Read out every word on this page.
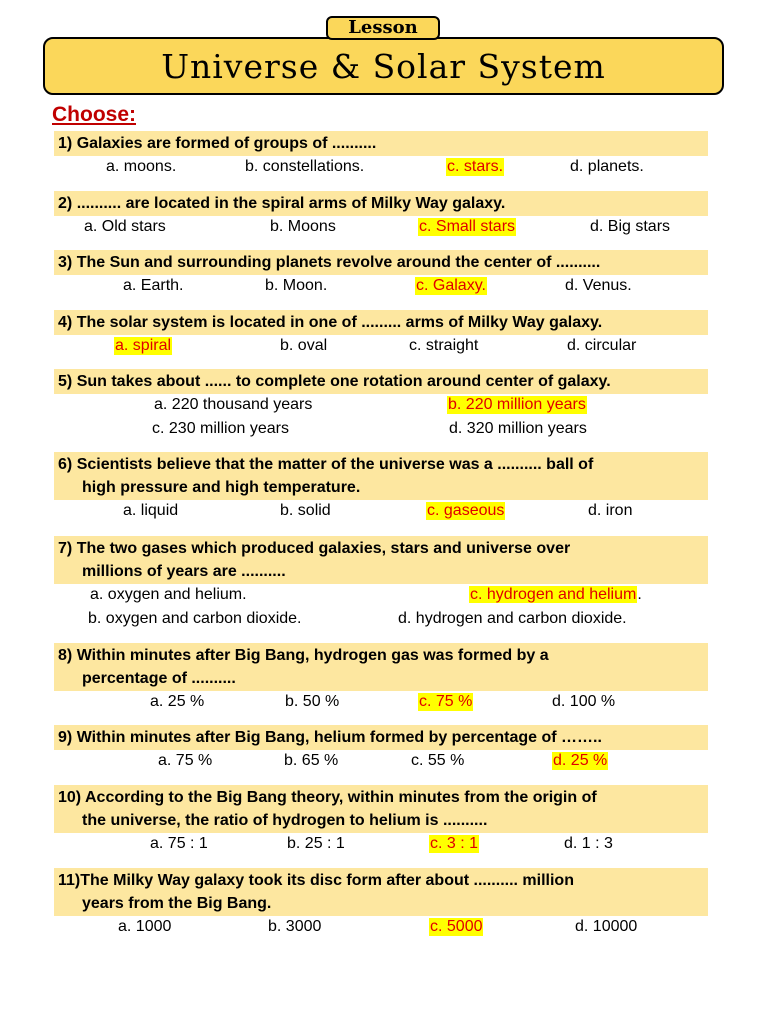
Lesson
Universe & Solar System
Choose:
1) Galaxies are formed of groups of ..........
a. moons.	b. constellations.	c. stars.	d. planets.
2) .......... are located in the spiral arms of Milky Way galaxy.
a. Old stars	b. Moons	c. Small stars	d. Big stars
3) The Sun and surrounding planets revolve around the center of ..........
a. Earth.	b. Moon.	c. Galaxy.	d. Venus.
4) The solar system is located in one of ......... arms of Milky Way galaxy.
a. spiral	b. oval	c. straight	d. circular
5) Sun takes about ...... to complete one rotation around center of galaxy.
a. 220 thousand years	b. 220 million years
c. 230 million years	d. 320 million years
6) Scientists believe that the matter of the universe was a .......... ball of
high pressure and high temperature.
a. liquid	b. solid	c. gaseous	d. iron
7) The two gases which produced galaxies, stars and universe over
millions of years are ..........
a. oxygen and helium.	c. hydrogen and helium.
b. oxygen and carbon dioxide.	d. hydrogen and carbon dioxide.
8) Within minutes after Big Bang, hydrogen gas was formed by a
percentage of ..........
a. 25 %	b. 50 %	c. 75 %	d. 100 %
9) Within minutes after Big Bang, helium formed by percentage of ……..
a. 75 %	b. 65 %	c. 55 %	d. 25 %
10) According to the Big Bang theory, within minutes from the origin of
the universe, the ratio of hydrogen to helium is ..........
a. 75 : 1	b. 25 : 1	c. 3 : 1	d. 1 : 3
11)The Milky Way galaxy took its disc form after about .......... million
years from the Big Bang.
a. 1000	b. 3000	c. 5000	d. 10000
